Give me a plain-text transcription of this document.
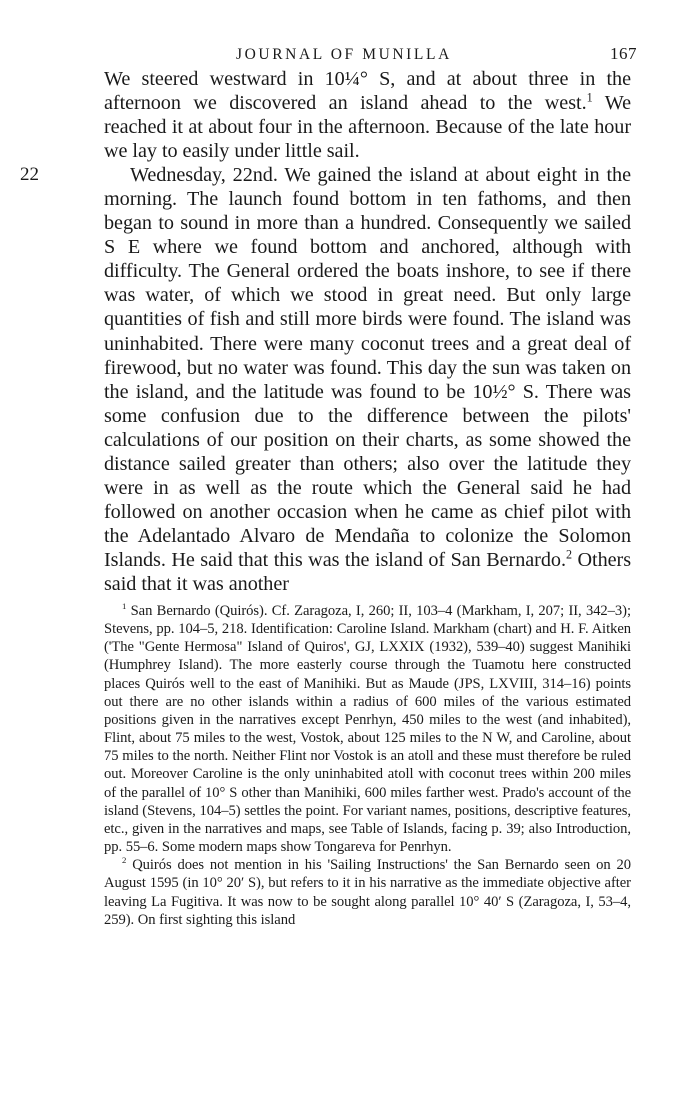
JOURNAL OF MUNILLA	167

We steered westward in 10¼° S, and at about three in the afternoon we discovered an island ahead to the west.$^1$ We reached it at about four in the afternoon. Because of the late hour we lay to easily under little sail.

22	Wednesday, 22nd. We gained the island at about eight in the morning. The launch found bottom in ten fathoms, and then began to sound in more than a hundred. Consequently we sailed S E where we found bottom and anchored, although with difficulty. The General ordered the boats inshore, to see if there was water, of which we stood in great need. But only large quantities of fish and still more birds were found. The island was uninhabited. There were many coconut trees and a great deal of firewood, but no water was found. This day the sun was taken on the island, and the latitude was found to be 10½° S. There was some confusion due to the difference between the pilots' calculations of our position on their charts, as some showed the distance sailed greater than others; also over the latitude they were in as well as the route which the General said he had followed on another occasion when he came as chief pilot with the Adelantado Alvaro de Mendaña to colonize the Solomon Islands. He said that this was the island of San Bernardo.$^2$ Others said that it was another

$^1$ San Bernardo (Quirós). Cf. Zaragoza, I, 260; II, 103–4 (Markham, I, 207; II, 342–3); Stevens, pp. 104–5, 218. Identification: Caroline Island. Markham (chart) and H. F. Aitken ('The "Gente Hermosa" Island of Quiros', GJ, LXXIX (1932), 539–40) suggest Manihiki (Humphrey Island). The more easterly course through the Tuamotu here constructed places Quirós well to the east of Manihiki. But as Maude (JPS, LXVIII, 314–16) points out there are no other islands within a radius of 600 miles of the various estimated positions given in the narratives except Penrhyn, 450 miles to the west (and inhabited), Flint, about 75 miles to the west, Vostok, about 125 miles to the N W, and Caroline, about 75 miles to the north. Neither Flint nor Vostok is an atoll and these must therefore be ruled out. Moreover Caroline is the only uninhabited atoll with coconut trees within 200 miles of the parallel of 10° S other than Manihiki, 600 miles farther west. Prado's account of the island (Stevens, 104–5) settles the point. For variant names, positions, descriptive features, etc., given in the narratives and maps, see Table of Islands, facing p. 39; also Introduction, pp. 55–6. Some modern maps show Tongareva for Penrhyn.

$^2$ Quirós does not mention in his 'Sailing Instructions' the San Bernardo seen on 20 August 1595 (in 10° 20′ S), but refers to it in his narrative as the immediate objective after leaving La Fugitiva. It was now to be sought along parallel 10° 40′ S (Zaragoza, I, 53–4, 259). On first sighting this island
